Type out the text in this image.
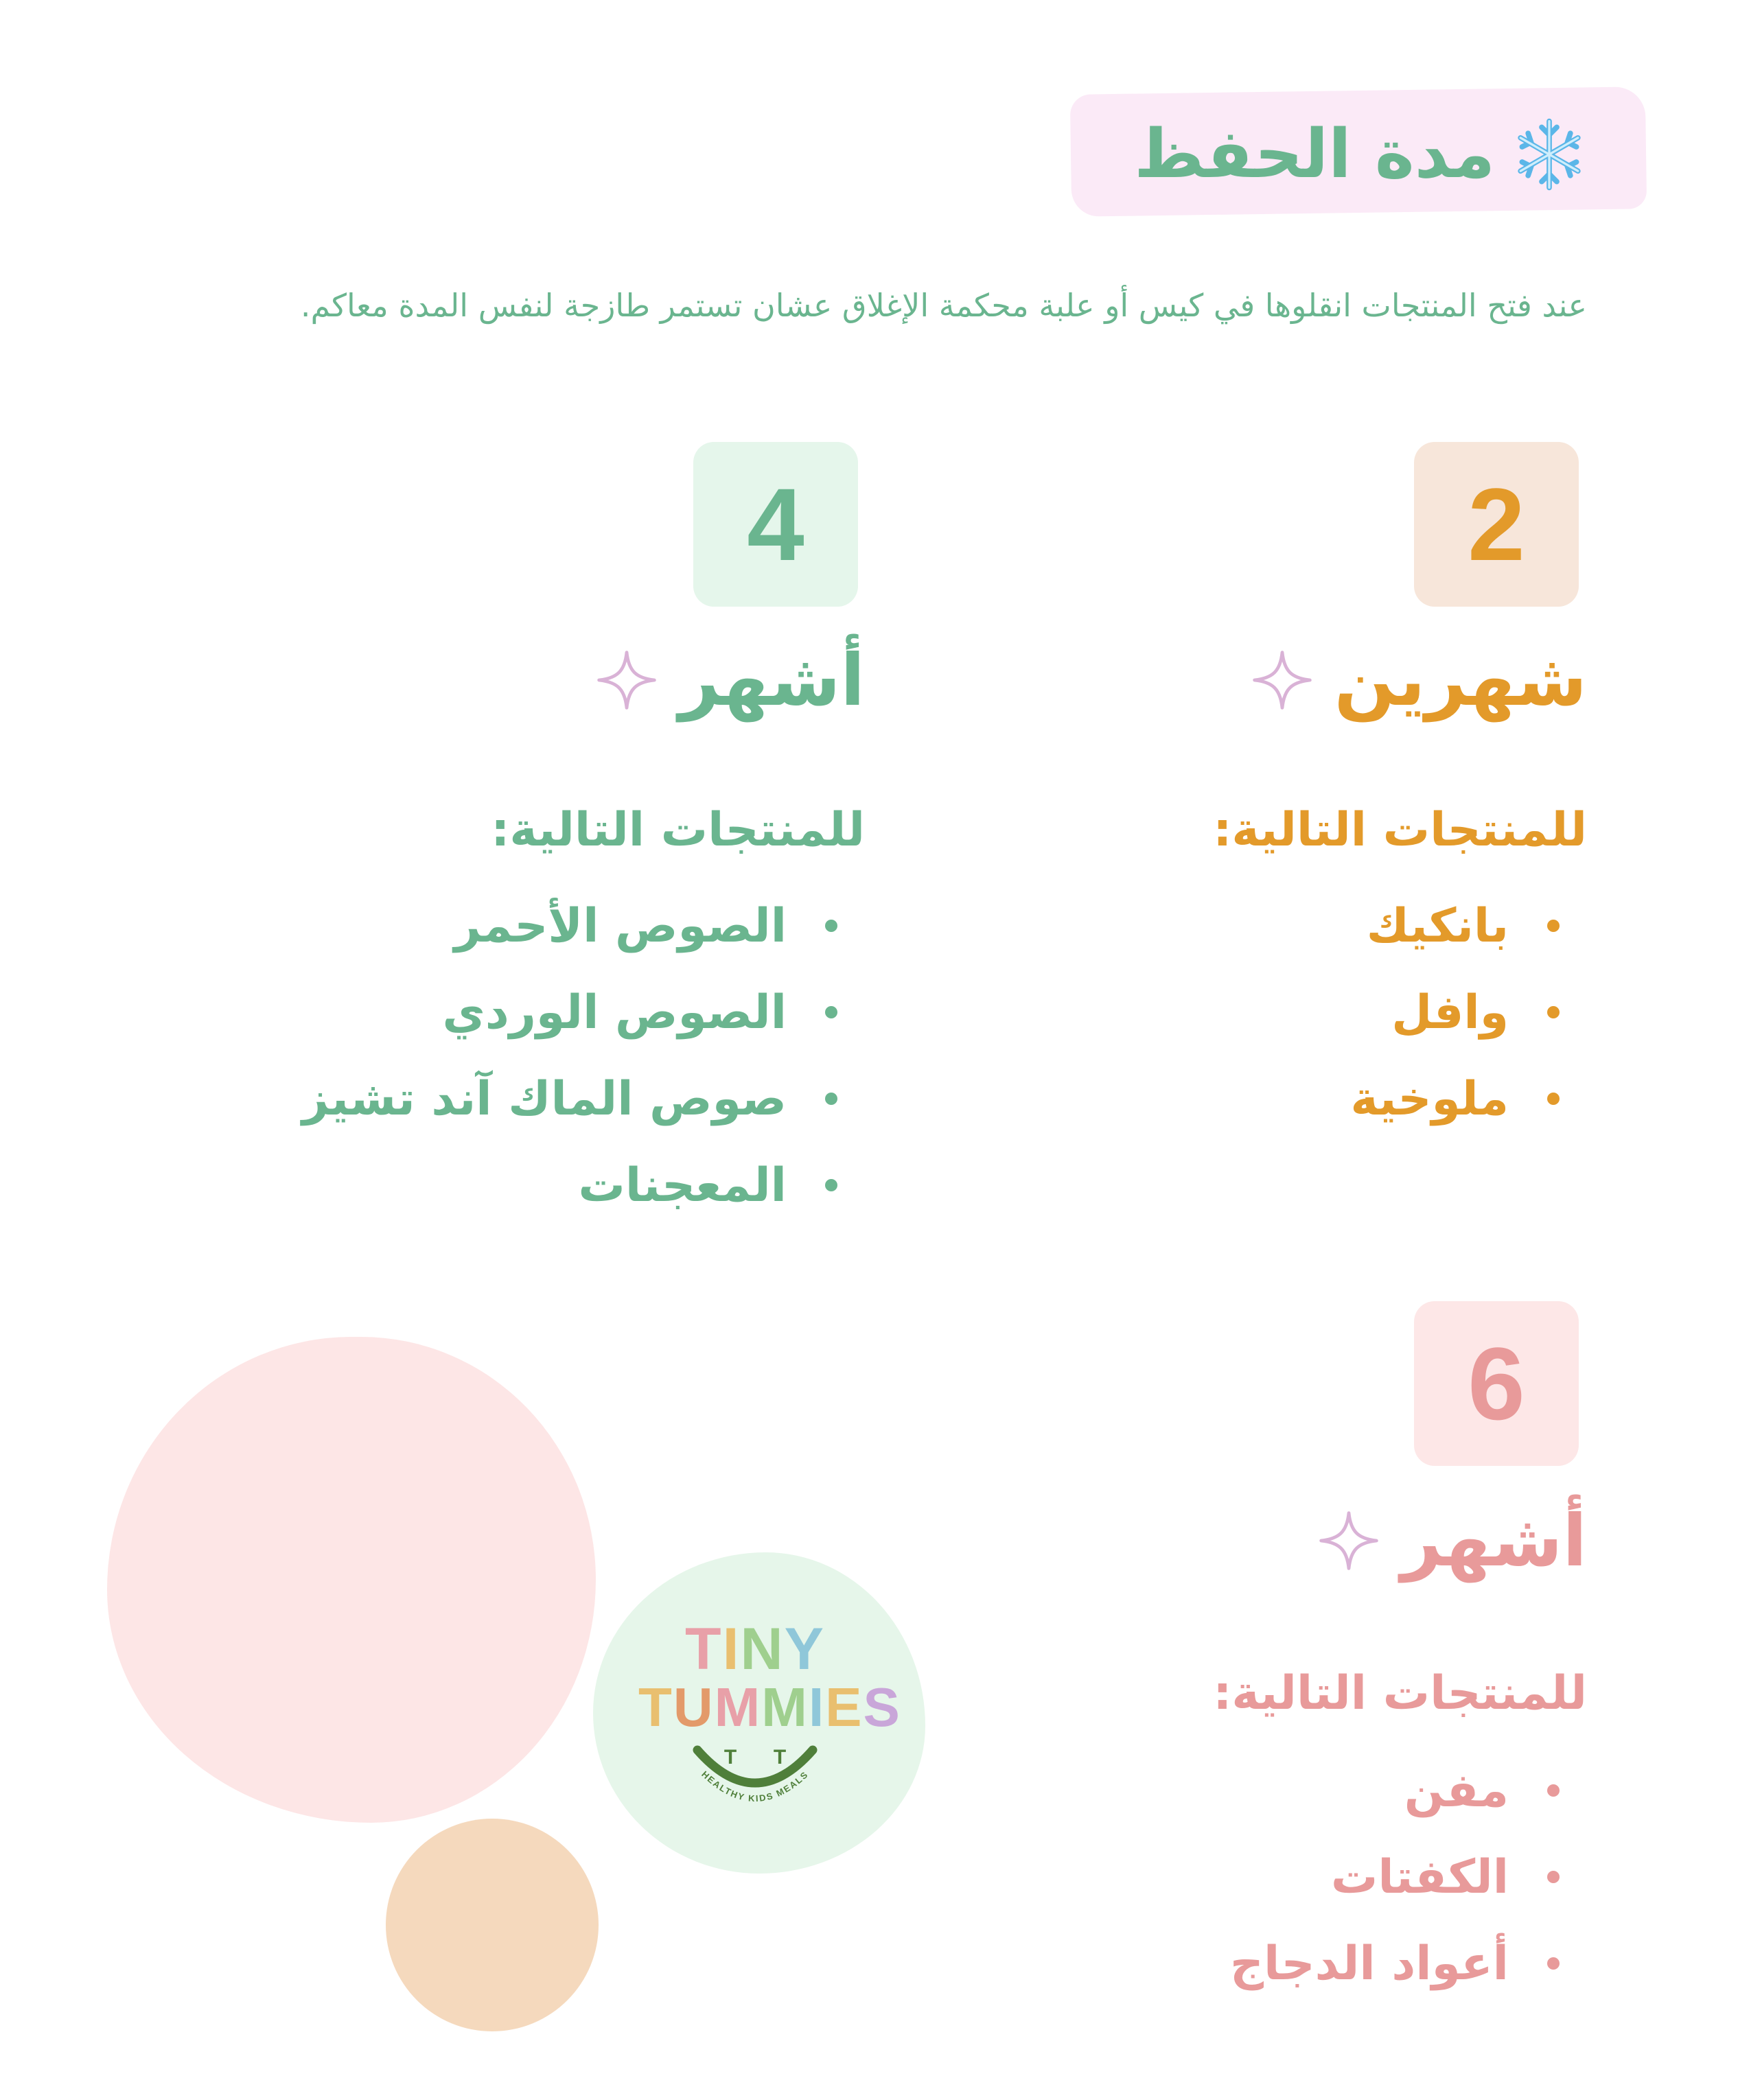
مدة الحفظ

عند فتح المنتجات انقلوها في كيس أو علبة محكمة الإغلاق عشان تستمر طازجة لنفس المدة معاكم.

2
شهرين
للمنتجات التالية:
بانكيك
وافل
ملوخية
4
أشهر
للمنتجات التالية:
الصوص الأحمر
الصوص الوردي
صوص الماك آند تشيز
المعجنات
6
أشهر
للمنتجات التالية:
مفن
الكفتات
أعواد الدجاج
TINY
TUMMIES
T T
HEALTHY KIDS MEALS
